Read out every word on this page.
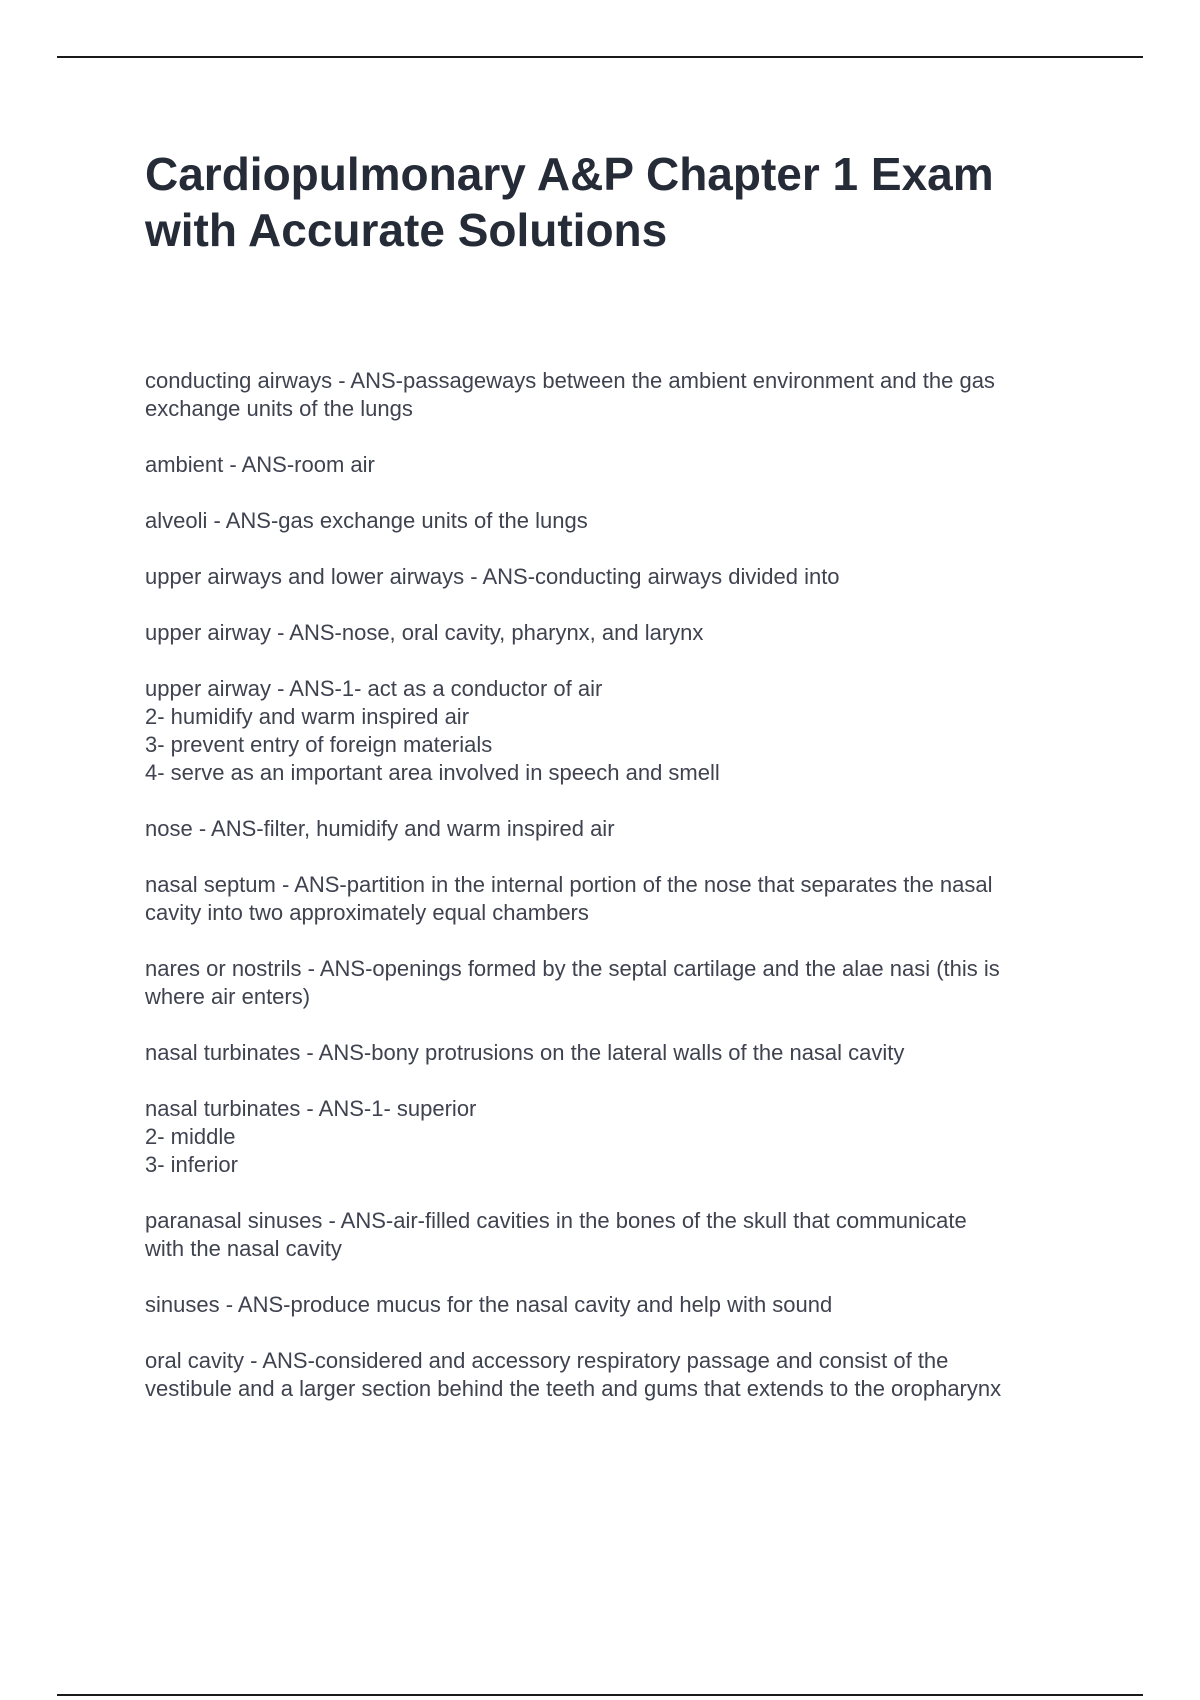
Cardiopulmonary A&P Chapter 1 Exam
with Accurate Solutions
conducting airways - ANS-passageways between the ambient environment and the gas
exchange units of the lungs
ambient - ANS-room air
alveoli - ANS-gas exchange units of the lungs
upper airways and lower airways - ANS-conducting airways divided into
upper airway - ANS-nose, oral cavity, pharynx, and larynx
upper airway - ANS-1- act as a conductor of air
2- humidify and warm inspired air
3- prevent entry of foreign materials
4- serve as an important area involved in speech and smell
nose - ANS-filter, humidify and warm inspired air
nasal septum - ANS-partition in the internal portion of the nose that separates the nasal
cavity into two approximately equal chambers
nares or nostrils - ANS-openings formed by the septal cartilage and the alae nasi (this is
where air enters)
nasal turbinates - ANS-bony protrusions on the lateral walls of the nasal cavity
nasal turbinates - ANS-1- superior
2- middle
3- inferior
paranasal sinuses - ANS-air-filled cavities in the bones of the skull that communicate
with the nasal cavity
sinuses - ANS-produce mucus for the nasal cavity and help with sound
oral cavity - ANS-considered and accessory respiratory passage and consist of the
vestibule and a larger section behind the teeth and gums that extends to the oropharynx
